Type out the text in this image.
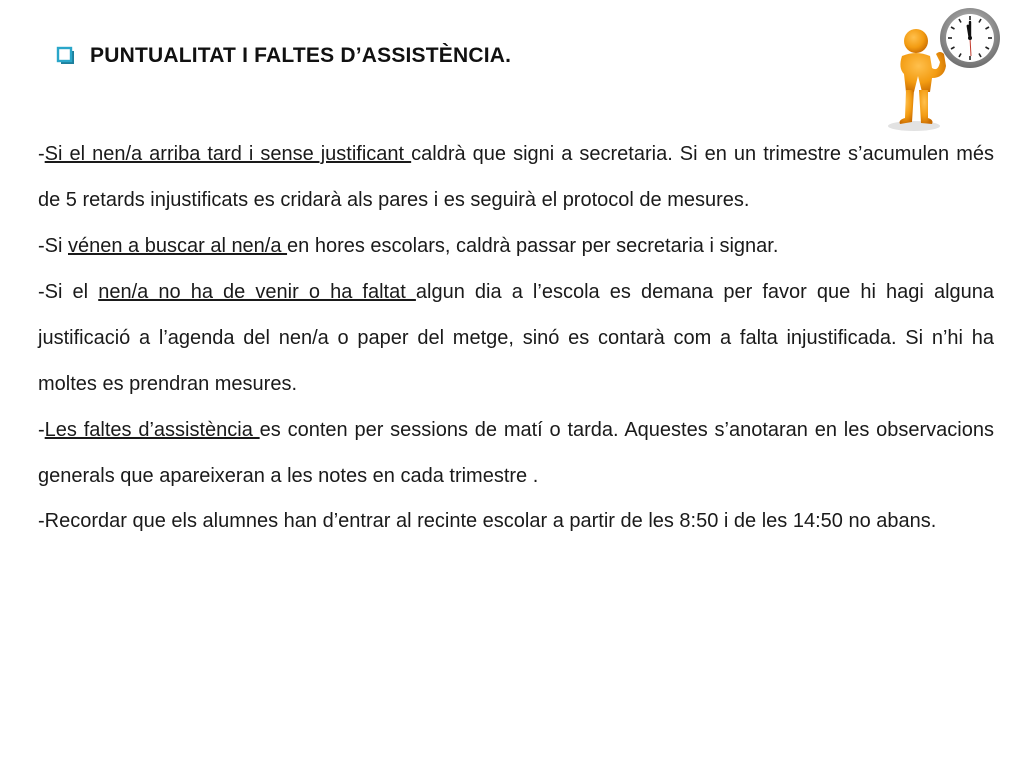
PUNTUALITAT I FALTES D’ASSISTÈNCIA.

-Si el nen/a arriba tard i sense justificant caldrà que signi a secretaria. Si en un trimestre s’acumulen més de 5 retards injustificats es cridarà als pares i es seguirà el protocol de mesures.

-Si vénen a buscar al nen/a en hores escolars, caldrà passar per secretaria i signar.

-Si el nen/a no ha de venir o ha faltat algun dia a l’escola es demana per favor que hi hagi alguna justificació a l’agenda del nen/a o paper del metge, sinó es contarà com a falta injustificada. Si n’hi ha moltes es prendran mesures.

-Les faltes d’assistència es conten per sessions de matí o tarda. Aquestes s’anotaran en les observacions generals que apareixeran a les notes en cada trimestre .

-Recordar que els alumnes han d’entrar al recinte escolar a partir de les 8:50 i de les 14:50 no abans.
